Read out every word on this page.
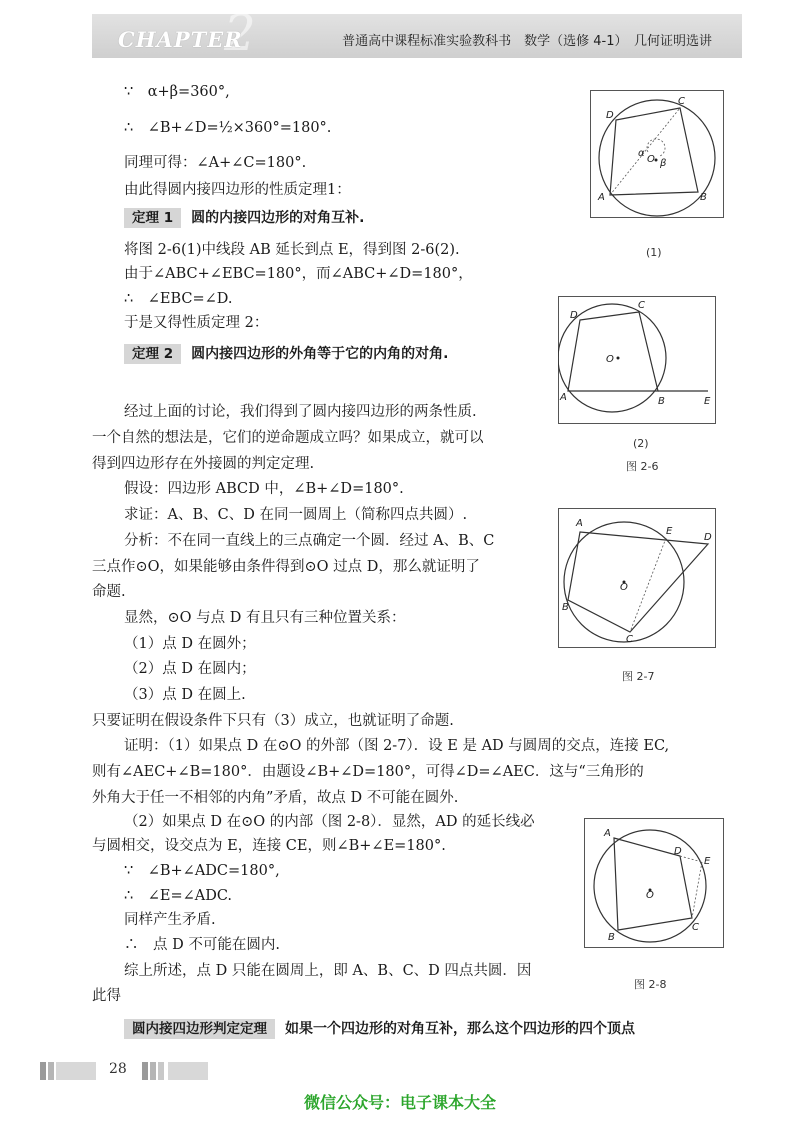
2
CHAPTER	普通高中课程标准实验教科书　数学（选修 4-1）　几何证明选讲
∵　α+β=360°,
∴　∠B+∠D=½×360°=180°.
同理可得：∠A+∠C=180°.
由此得圆内接四边形的性质定理1：
定理 1 圆的内接四边形的对角互补.
将图 2-6(1)中线段 AB 延长到点 E，得到图 2-6(2).
由于∠ABC+∠EBC=180°，而∠ABC+∠D=180°，
∴　∠EBC=∠D.
于是又得性质定理 2：
定理 2 圆内接四边形的外角等于它的内角的对角.
经过上面的讨论，我们得到了圆内接四边形的两条性质.
一个自然的想法是，它们的逆命题成立吗？如果成立，就可以
得到四边形存在外接圆的判定定理.
假设：四边形 ABCD 中，∠B+∠D=180°.
求证：A、B、C、D 在同一圆周上（简称四点共圆）.
分析：不在同一直线上的三点确定一个圆．经过 A、B、C
三点作⊙O，如果能够由条件得到⊙O 过点 D，那么就证明了
命题.
显然，⊙O 与点 D 有且只有三种位置关系：
（1）点 D 在圆外；
（2）点 D 在圆内；
（3）点 D 在圆上.
只要证明在假设条件下只有（3）成立，也就证明了命题.
证明：（1）如果点 D 在⊙O 的外部（图 2-7）．设 E 是 AD 与圆周的交点，连接 EC,
则有∠AEC+∠B=180°．由题设∠B+∠D=180°，可得∠D=∠AEC．这与“三角形的
外角大于任一不相邻的内角”矛盾，故点 D 不可能在圆外.
（2）如果点 D 在⊙O 的内部（图 2-8）．显然，AD 的延长线必
与圆相交，设交点为 E，连接 CE，则∠B+∠E=180°.
∵　∠B+∠ADC=180°,
∴　∠E=∠ADC.
同样产生矛盾.
∴　点 D 不可能在圆内.
综上所述，点 D 只能在圆周上，即 A、B、C、D 四点共圆．因
此得
圆内接四边形判定定理 如果一个四边形的对角互补，那么这个四边形的四个顶点
D
C
A	B
α
O β
(1)
D
C
O
A	B	E
(2)
图 2-6
A
E
D
O
B
C
图 2-7
A
D
E
O
B
C
图 2-8
28
微信公众号：电子课本大全
